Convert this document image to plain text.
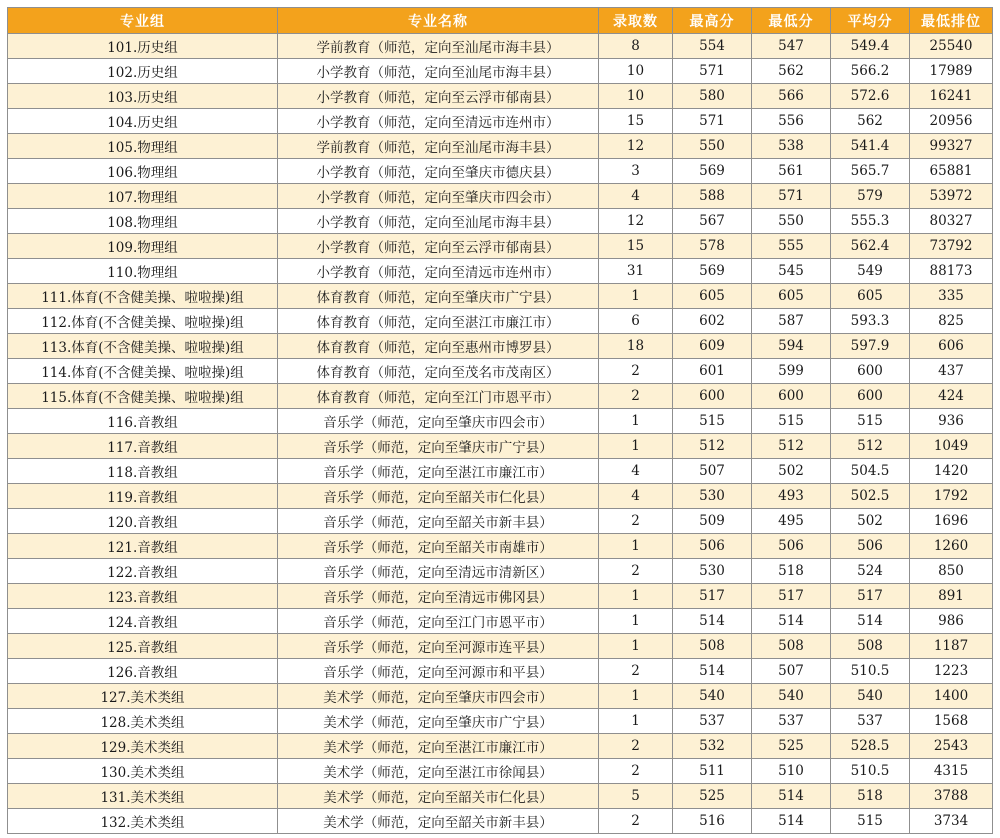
专业组	专业名称	录取数	最高分	最低分	平均分	最低排位
101.历史组	学前教育（师范，定向至汕尾市海丰县）	8	554	547	549.4	25540
102.历史组	小学教育（师范，定向至汕尾市海丰县）	10	571	562	566.2	17989
103.历史组	小学教育（师范，定向至云浮市郁南县）	10	580	566	572.6	16241
104.历史组	小学教育（师范，定向至清远市连州市）	15	571	556	562	20956
105.物理组	学前教育（师范，定向至汕尾市海丰县）	12	550	538	541.4	99327
106.物理组	小学教育（师范，定向至肇庆市德庆县）	3	569	561	565.7	65881
107.物理组	小学教育（师范，定向至肇庆市四会市）	4	588	571	579	53972
108.物理组	小学教育（师范，定向至汕尾市海丰县）	12	567	550	555.3	80327
109.物理组	小学教育（师范，定向至云浮市郁南县）	15	578	555	562.4	73792
110.物理组	小学教育（师范，定向至清远市连州市）	31	569	545	549	88173
111.体育(不含健美操、啦啦操)组	体育教育（师范，定向至肇庆市广宁县）	1	605	605	605	335
112.体育(不含健美操、啦啦操)组	体育教育（师范，定向至湛江市廉江市）	6	602	587	593.3	825
113.体育(不含健美操、啦啦操)组	体育教育（师范，定向至惠州市博罗县）	18	609	594	597.9	606
114.体育(不含健美操、啦啦操)组	体育教育（师范，定向至茂名市茂南区）	2	601	599	600	437
115.体育(不含健美操、啦啦操)组	体育教育（师范，定向至江门市恩平市）	2	600	600	600	424
116.音教组	音乐学（师范，定向至肇庆市四会市）	1	515	515	515	936
117.音教组	音乐学（师范，定向至肇庆市广宁县）	1	512	512	512	1049
118.音教组	音乐学（师范，定向至湛江市廉江市）	4	507	502	504.5	1420
119.音教组	音乐学（师范，定向至韶关市仁化县）	4	530	493	502.5	1792
120.音教组	音乐学（师范，定向至韶关市新丰县）	2	509	495	502	1696
121.音教组	音乐学（师范，定向至韶关市南雄市）	1	506	506	506	1260
122.音教组	音乐学（师范，定向至清远市清新区）	2	530	518	524	850
123.音教组	音乐学（师范，定向至清远市佛冈县）	1	517	517	517	891
124.音教组	音乐学（师范，定向至江门市恩平市）	1	514	514	514	986
125.音教组	音乐学（师范，定向至河源市连平县）	1	508	508	508	1187
126.音教组	音乐学（师范，定向至河源市和平县）	2	514	507	510.5	1223
127.美术类组	美术学（师范，定向至肇庆市四会市）	1	540	540	540	1400
128.美术类组	美术学（师范，定向至肇庆市广宁县）	1	537	537	537	1568
129.美术类组	美术学（师范，定向至湛江市廉江市）	2	532	525	528.5	2543
130.美术类组	美术学（师范，定向至湛江市徐闻县）	2	511	510	510.5	4315
131.美术类组	美术学（师范，定向至韶关市仁化县）	5	525	514	518	3788
132.美术类组	美术学（师范，定向至韶关市新丰县）	2	516	514	515	3734
